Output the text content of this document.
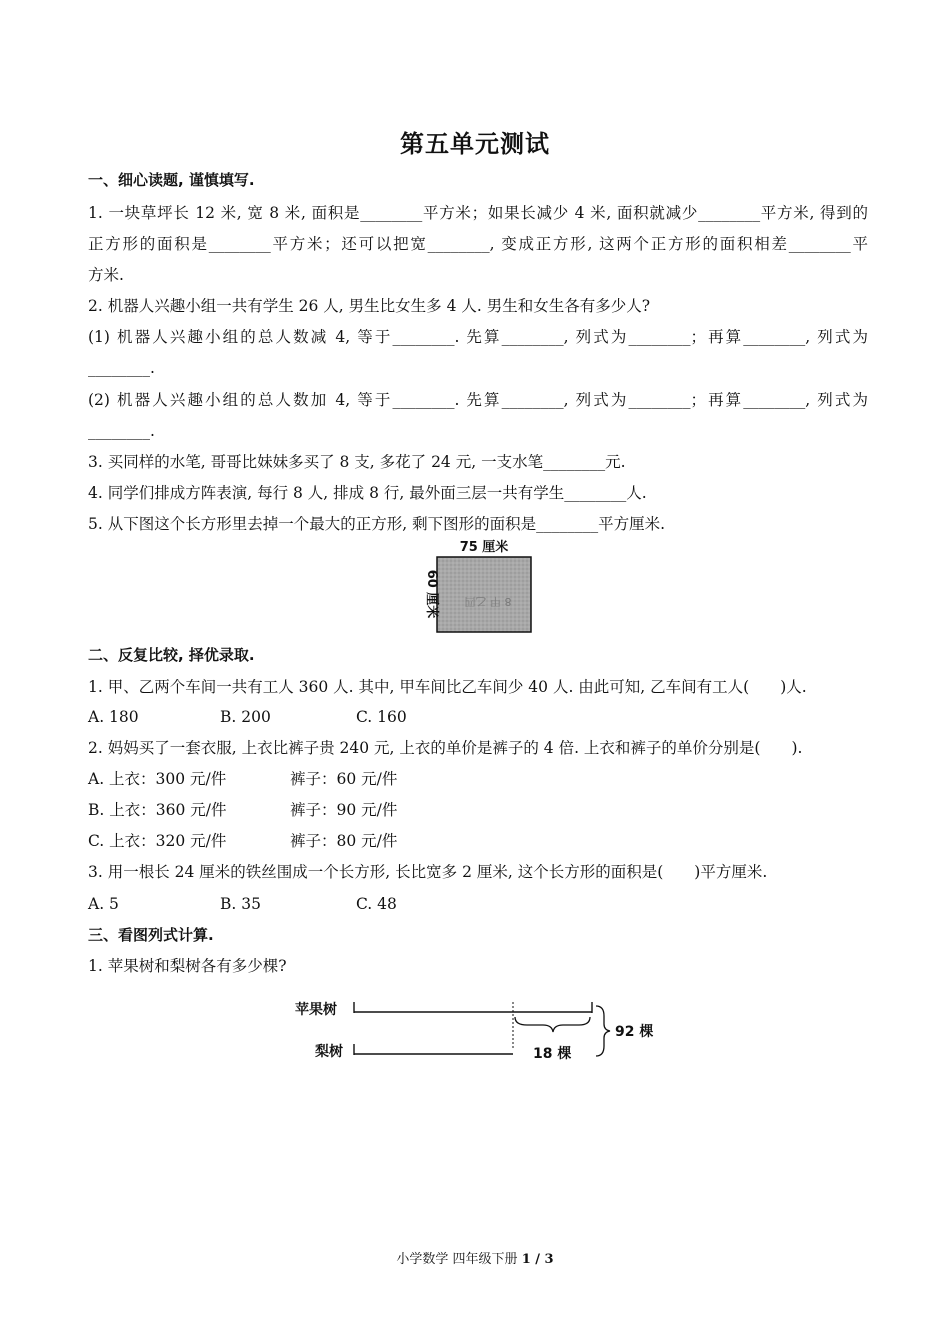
第五单元测试
一、细心读题, 谨慎填写.
1. 一块草坪长 12 米, 宽 8 米, 面积是________平方米；如果长减少 4 米, 面积就减少________平方米, 得到的
正方形的面积是________平方米；还可以把宽________, 变成正方形, 这两个正方形的面积相差________平
方米.
2. 机器人兴趣小组一共有学生 26 人, 男生比女生多 4 人. 男生和女生各有多少人?
(1) 机器人兴趣小组的总人数减 4, 等于________. 先算________, 列式为________；再算________, 列式为
________.
(2) 机器人兴趣小组的总人数加 4, 等于________. 先算________, 列式为________；再算________, 列式为
________.
3. 买同样的水笔, 哥哥比妹妹多买了 8 支, 多花了 24 元, 一支水笔________元.
4. 同学们排成方阵表演, 每行 8 人, 排成 8 行, 最外面三层一共有学生________人.
5. 从下图这个长方形里去掉一个最大的正方形, 剩下图形的面积是________平方厘米.
75 厘米
60 厘米 8 甲 乙四
二、反复比较, 择优录取.
1. 甲、乙两个车间一共有工人 360 人. 其中, 甲车间比乙车间少 40 人. 由此可知, 乙车间有工人(　　)人.
A. 180	B. 200	C. 160
2. 妈妈买了一套衣服, 上衣比裤子贵 240 元, 上衣的单价是裤子的 4 倍. 上衣和裤子的单价分别是(　　).
A. 上衣：300 元/件	裤子：60 元/件
B. 上衣：360 元/件	裤子：90 元/件
C. 上衣：320 元/件	裤子：80 元/件
3. 用一根长 24 厘米的铁丝围成一个长方形, 长比宽多 2 厘米, 这个长方形的面积是(　　)平方厘米.
A. 5	B. 35	C. 48
三、看图列式计算.
1. 苹果树和梨树各有多少棵?
苹果树
梨树	18 棵
92 棵
小学数学 四年级下册 1 / 3
